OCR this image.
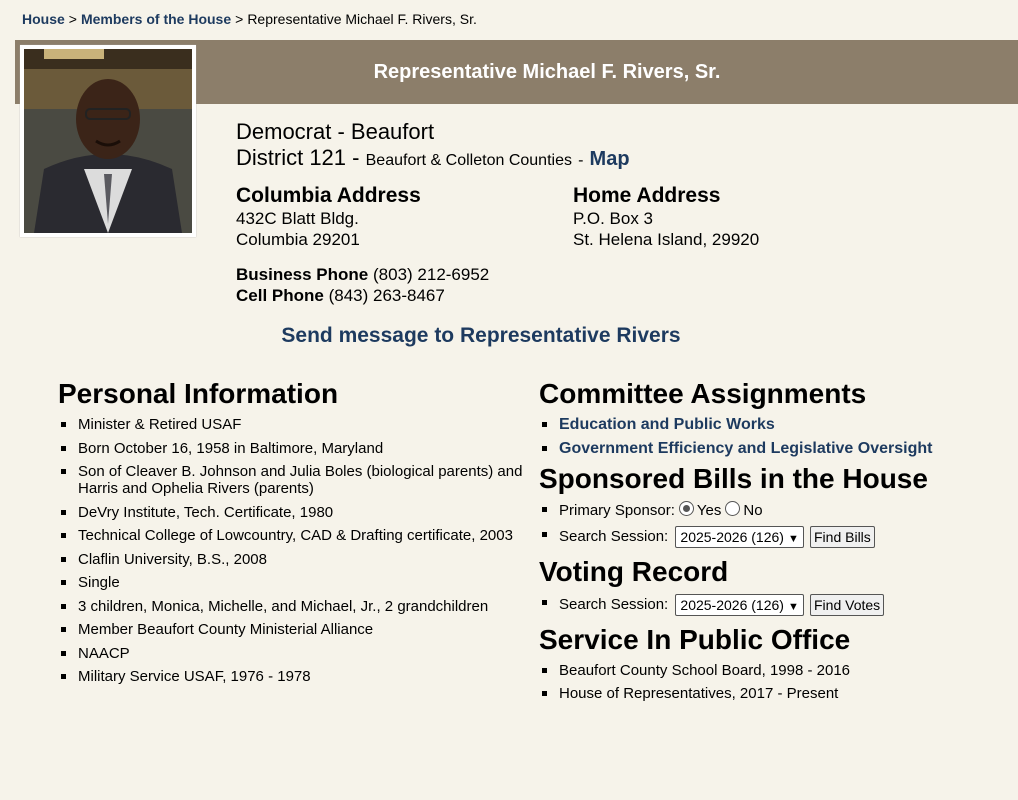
House > Members of the House > Representative Michael F. Rivers, Sr.
Representative Michael F. Rivers, Sr.
Democrat - Beaufort
District 121 - Beaufort & Colleton Counties - Map
Columbia Address
432C Blatt Bldg.
Columbia 29201
Home Address
P.O. Box 3
St. Helena Island, 29920
Business Phone (803) 212-6952
Cell Phone (843) 263-8467
Send message to Representative Rivers
Personal Information
Minister & Retired USAF
Born October 16, 1958 in Baltimore, Maryland
Son of Cleaver B. Johnson and Julia Boles (biological parents) and Harris and Ophelia Rivers (parents)
DeVry Institute, Tech. Certificate, 1980
Technical College of Lowcountry, CAD & Drafting certificate, 2003
Claflin University, B.S., 2008
Single
3 children, Monica, Michelle, and Michael, Jr., 2 grandchildren
Member Beaufort County Ministerial Alliance
NAACP
Military Service USAF, 1976 - 1978
Committee Assignments
Education and Public Works
Government Efficiency and Legislative Oversight
Sponsored Bills in the House
Primary Sponsor: Yes No
Search Session: 2025-2026 (126) ▼ Find Bills
Voting Record
Search Session: 2025-2026 (126) ▼ Find Votes
Service In Public Office
Beaufort County School Board, 1998 - 2016
House of Representatives, 2017 - Present
